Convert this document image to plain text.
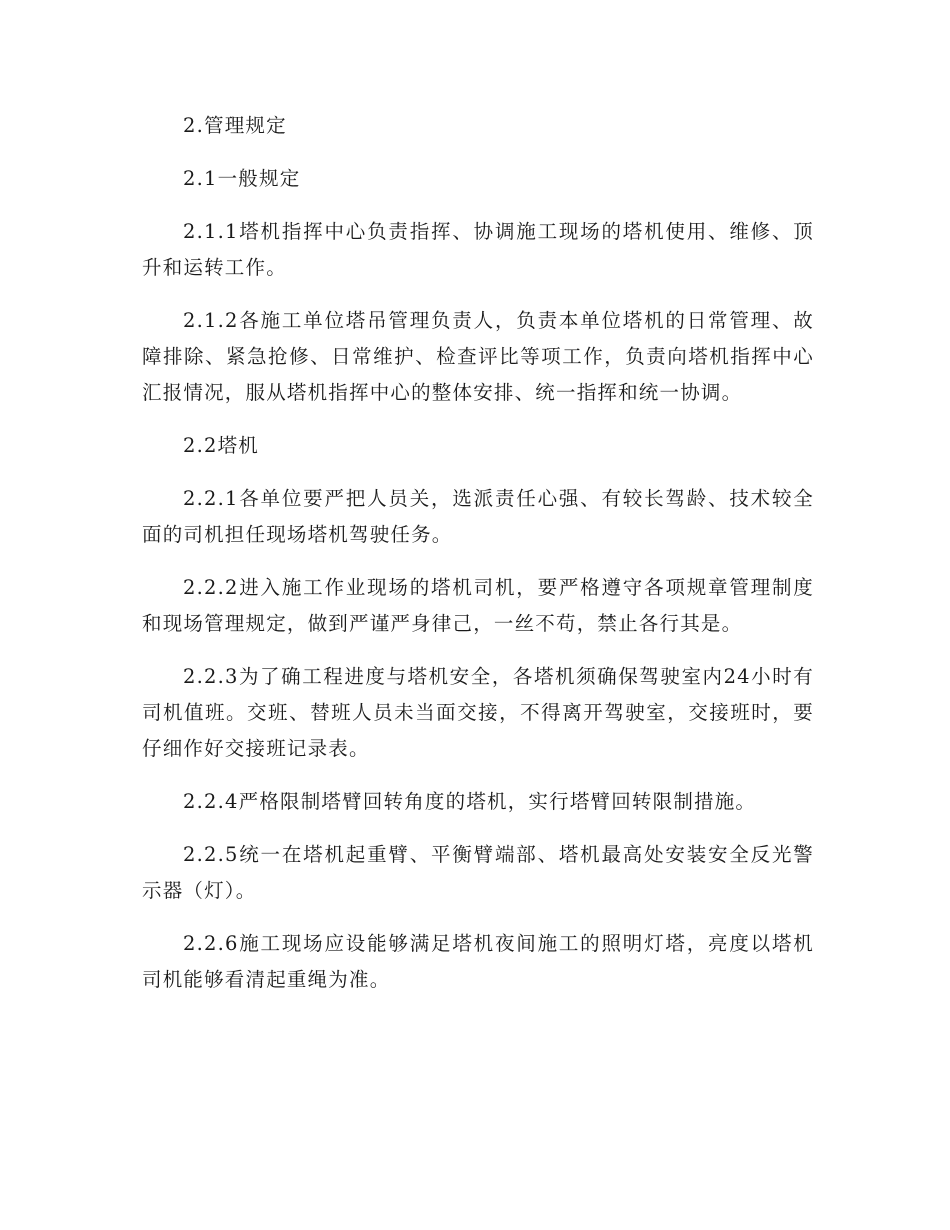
2.管理规定

2.1一般规定

2.1.1塔机指挥中心负责指挥、协调施工现场的塔机使用、维修、顶升和运转工作。

2.1.2各施工单位塔吊管理负责人，负责本单位塔机的日常管理、故障排除、紧急抢修、日常维护、检查评比等项工作，负责向塔机指挥中心汇报情况，服从塔机指挥中心的整体安排、统一指挥和统一协调。

2.2塔机

2.2.1各单位要严把人员关，选派责任心强、有较长驾龄、技术较全面的司机担任现场塔机驾驶任务。

2.2.2进入施工作业现场的塔机司机，要严格遵守各项规章管理制度和现场管理规定，做到严谨严身律己，一丝不苟，禁止各行其是。

2.2.3为了确工程进度与塔机安全，各塔机须确保驾驶室内24小时有司机值班。交班、替班人员未当面交接，不得离开驾驶室，交接班时，要仔细作好交接班记录表。

2.2.4严格限制塔臂回转角度的塔机，实行塔臂回转限制措施。

2.2.5统一在塔机起重臂、平衡臂端部、塔机最高处安装安全反光警示器（灯）。

2.2.6施工现场应设能够满足塔机夜间施工的照明灯塔，亮度以塔机司机能够看清起重绳为准。
